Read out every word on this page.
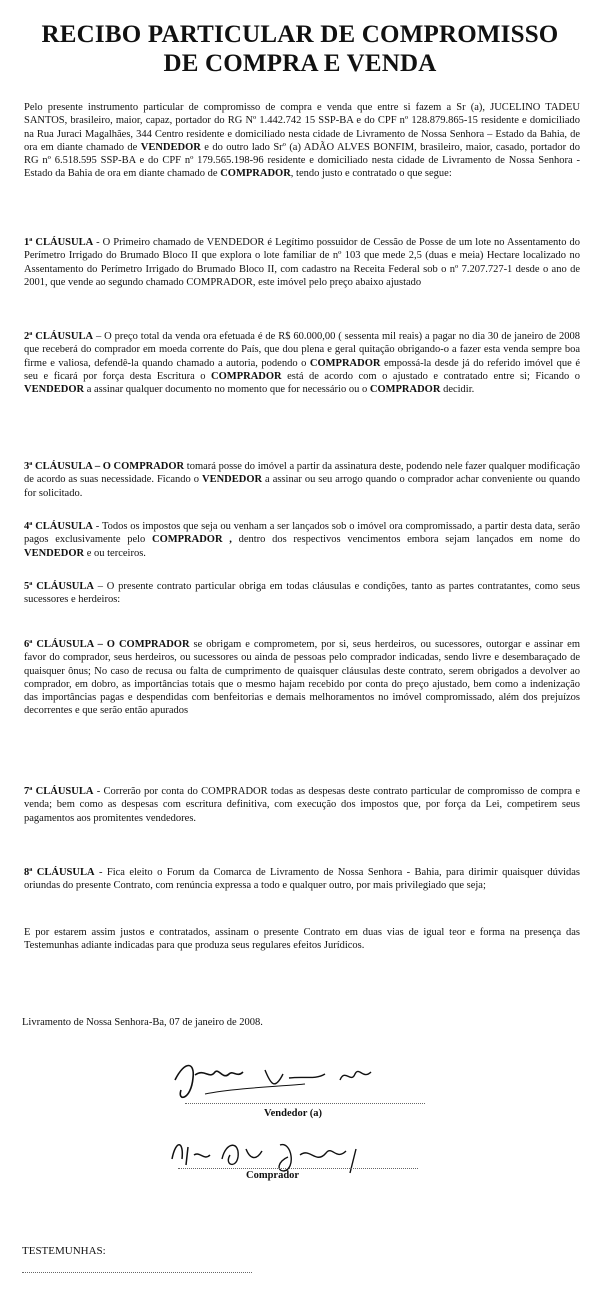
RECIBO PARTICULAR DE COMPROMISSO
DE COMPRA E VENDA

Pelo presente instrumento particular de compromisso de compra e venda que entre si fazem a Sr (a), JUCELINO TADEU SANTOS, brasileiro, maior, capaz, portador do RG Nº 1.442.742 15 SSP-BA e do CPF nº 128.879.865-15 residente e domiciliado na Rua Juraci Magalhães, 344 Centro residente e domiciliado nesta cidade de Livramento de Nossa Senhora – Estado da Bahia, de ora em diante chamado de VENDEDOR e do outro lado Srº (a) ADÃO ALVES BONFIM, brasileiro, maior, casado, portador do RG nº 6.518.595 SSP-BA e do CPF nº 179.565.198-96 residente e domiciliado nesta cidade de Livramento de Nossa Senhora - Estado da Bahia de ora em diante chamado de COMPRADOR, tendo justo e contratado o que segue:

1ª CLÁUSULA - O Primeiro chamado de VENDEDOR é Legítimo possuidor de Cessão de Posse de um lote no Assentamento do Perímetro Irrigado do Brumado Bloco II que explora o lote familiar de nº 103 que mede 2,5 (duas e meia) Hectare localizado no Assentamento do Perímetro Irrigado do Brumado Bloco II, com cadastro na Receita Federal sob o nº 7.207.727-1 desde o ano de 2001, que vende ao segundo chamado COMPRADOR, este imóvel pelo preço abaixo ajustado

2ª CLÁUSULA – O preço total da venda ora efetuada é de R$ 60.000,00 ( sessenta mil reais) a pagar no dia 30 de janeiro de 2008 que receberá do comprador em moeda corrente do País, que dou plena e geral quitação obrigando-o a fazer esta venda sempre boa firme e valiosa, defendê-la quando chamado a autoria, podendo o COMPRADOR empossá-la desde já do referido imóvel que é seu e ficará por força desta Escritura o COMPRADOR está de acordo com o ajustado e contratado entre si; Ficando o VENDEDOR a assinar qualquer documento no momento que for necessário ou o COMPRADOR decidir.

3ª CLÁUSULA – O COMPRADOR tomará posse do imóvel a partir da assinatura deste, podendo nele fazer qualquer modificação de acordo as suas necessidade. Ficando o VENDEDOR a assinar ou seu arrogo quando o comprador achar conveniente ou quando for solicitado.

4ª CLÁUSULA - Todos os impostos que seja ou venham a ser lançados sob o imóvel ora compromissado, a partir desta data, serão pagos exclusivamente pelo COMPRADOR , dentro dos respectivos vencimentos embora sejam lançados em nome do VENDEDOR e ou terceiros.

5ª CLÁUSULA – O presente contrato particular obriga em todas cláusulas e condições, tanto as partes contratantes, como seus sucessores e herdeiros:

6ª CLÁUSULA – O COMPRADOR se obrigam e comprometem, por si, seus herdeiros, ou sucessores, outorgar e assinar em favor do comprador, seus herdeiros, ou sucessores ou ainda de pessoas pelo comprador indicadas, sendo livre e desembaraçado de quaisquer ônus; No caso de recusa ou falta de cumprimento de quaisquer cláusulas deste contrato, serem obrigados a devolver ao comprador, em dobro, as importâncias totais que o mesmo hajam recebido por conta do preço ajustado, bem como a indenização das importâncias pagas e despendidas com benfeitorias e demais melhoramentos no imóvel compromissado, além dos prejuízos decorrentes e que serão então apurados

7ª CLÁUSULA - Correrão por conta do COMPRADOR todas as despesas deste contrato particular de compromisso de compra e venda; bem como as despesas com escritura definitiva, com execução dos impostos que, por força da Lei, competirem seus pagamentos aos promitentes vendedores.

8ª CLÁUSULA - Fica eleito o Forum da Comarca de Livramento de Nossa Senhora - Bahia, para dirimir quaisquer dúvidas oriundas do presente Contrato, com renúncia expressa a todo e qualquer outro, por mais privilegiado que seja;

E por estarem assim justos e contratados, assinam o presente Contrato em duas vias de igual teor e forma na presença das Testemunhas adiante indicadas para que produza seus regulares efeitos Jurídicos.

Livramento de Nossa Senhora-Ba, 07 de janeiro de 2008.
Vendedor (a)
Comprador
TESTEMUNHAS:
